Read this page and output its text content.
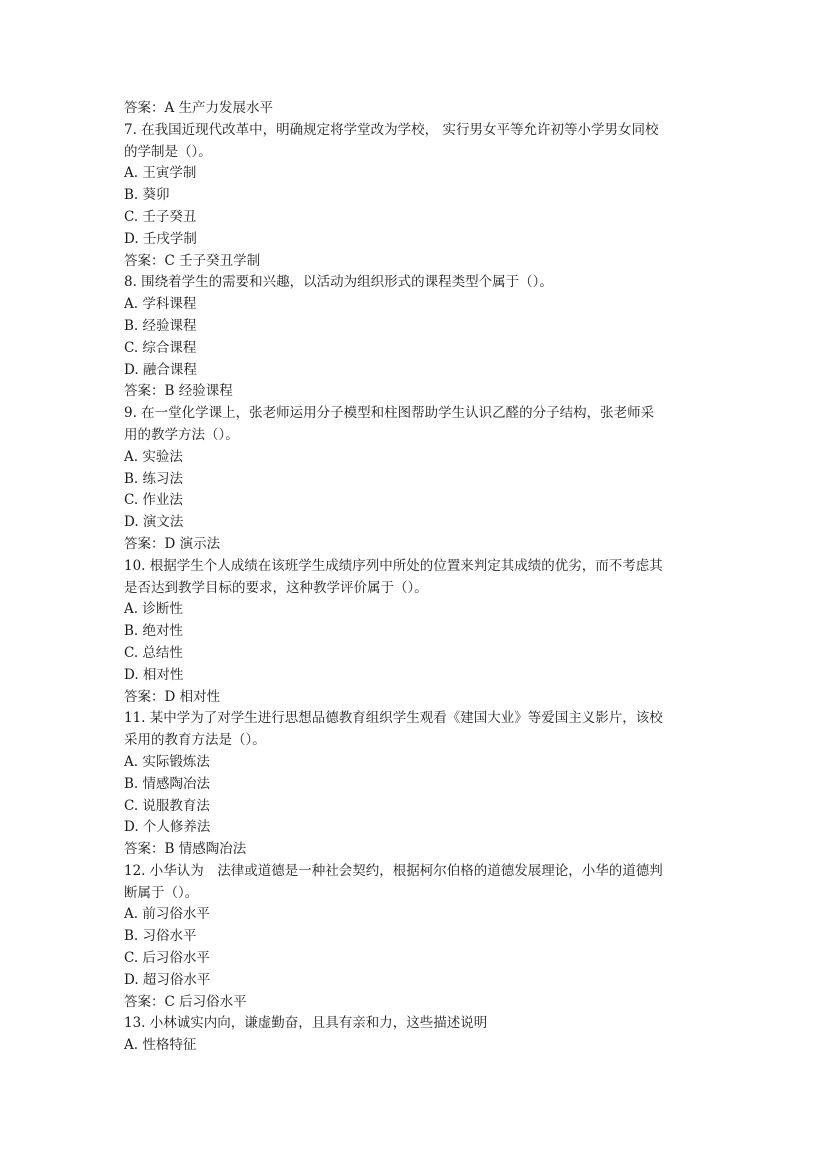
答案：A 生产力发展水平

7. 在我国近现代改革中，明确规定将学堂改为学校， 实行男女平等允许初等小学男女同校

的学制是（）。

A. 王寅学制

B. 葵卯

C. 壬子癸丑

D. 壬戌学制

答案：C 壬子癸丑学制

8. 围绕着学生的需要和兴趣，以活动为组织形式的课程类型个属于（）。

A. 学科课程

B. 经验课程

C. 综合课程

D. 融合课程

答案：B 经验课程

9. 在一堂化学课上，张老师运用分子模型和柱图帮助学生认识乙醛的分子结构，张老师采

用的教学方法（）。

A. 实验法

B. 练习法

C. 作业法

D. 演文法

答案：D 演示法

10. 根据学生个人成绩在该班学生成绩序列中所处的位置来判定其成绩的优劣，而不考虑其

是否达到教学目标的要求，这种教学评价属于（）。

A. 诊断性

B. 绝对性

C. 总结性

D. 相对性

答案：D 相对性

11. 某中学为了对学生进行思想品德教育组织学生观看《建国大业》等爱国主义影片，该校

采用的教育方法是（）。

A. 实际锻炼法

B. 情感陶冶法

C. 说服教育法

D. 个人修养法

答案：B 情感陶冶法

12. 小华认为　法律或道德是一种社会契约，根据柯尔伯格的道德发展理论，小华的道德判

断属于（）。

A. 前习俗水平

B. 习俗水平

C. 后习俗水平

D. 超习俗水平

答案：C 后习俗水平

13. 小林诚实内向，谦虚勤奋，且具有亲和力，这些描述说明

A. 性格特征
